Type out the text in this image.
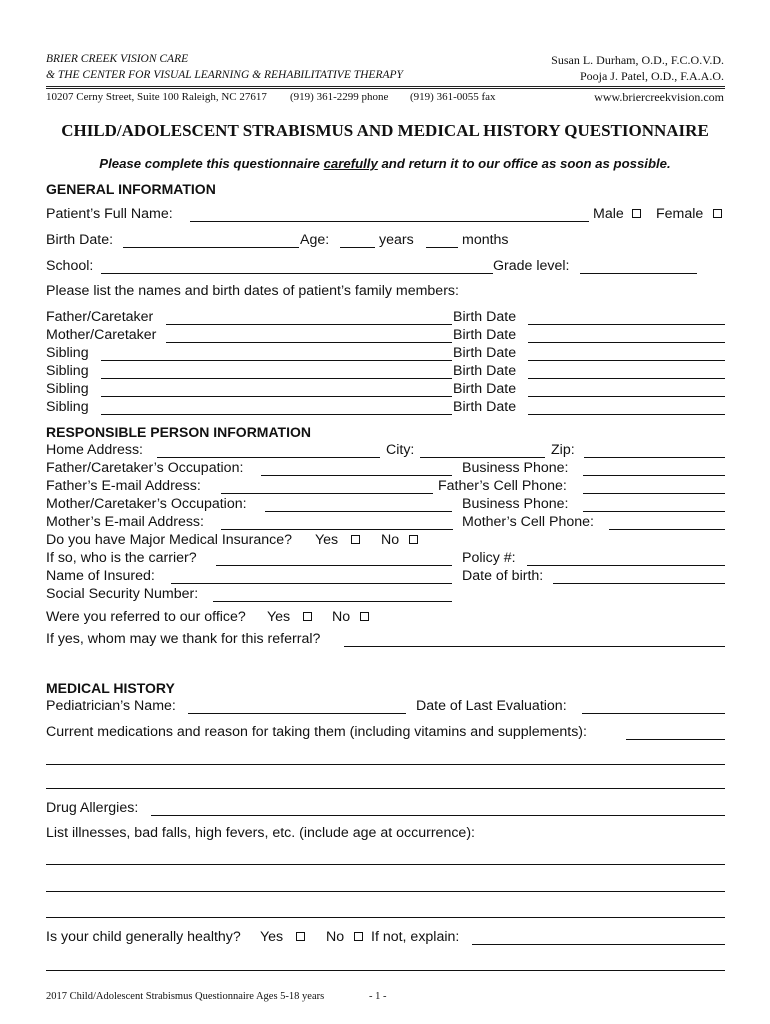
BRIER CREEK VISION CARE
& THE CENTER FOR VISUAL LEARNING & REHABILITATIVE THERAPY
Susan L. Durham, O.D., F.C.O.V.D.
Pooja J. Patel, O.D., F.A.A.O.
10207 Cerny Street, Suite 100 Raleigh, NC 27617 (919) 361-2299 phone (919) 361-0055 fax	www.briercreekvision.com
CHILD/ADOLESCENT STRABISMUS AND MEDICAL HISTORY QUESTIONNAIRE
Please complete this questionnaire carefully and return it to our office as soon as possible.
GENERAL INFORMATION
Patient’s Full Name:	Male Female
Birth Date:	Age:	years	months
School:	Grade level:
Please list the names and birth dates of patient’s family members:
Father/Caretaker	Birth Date
Mother/Caretaker	Birth Date
Sibling	Birth Date
Sibling	Birth Date
Sibling	Birth Date
Sibling	Birth Date
RESPONSIBLE PERSON INFORMATION
Home Address:	City:	Zip:
Father/Caretaker’s Occupation:	Business Phone:
Father’s E-mail Address:	Father’s Cell Phone:
Mother/Caretaker’s Occupation:	Business Phone:
Mother’s E-mail Address:	Mother’s Cell Phone:
Do you have Major Medical Insurance? Yes	No
If so, who is the carrier?	Policy #:
Name of Insured:	Date of birth:
Social Security Number:
Were you referred to our office? Yes	No
If yes, whom may we thank for this referral?
MEDICAL HISTORY
Pediatrician’s Name:	Date of Last Evaluation:
Current medications and reason for taking them (including vitamins and supplements):
Drug Allergies:
List illnesses, bad falls, high fevers, etc. (include age at occurrence):
Is your child generally healthy? Yes	No If not, explain:
2017 Child/Adolescent Strabismus Questionnaire Ages 5-18 years	- 1 -
